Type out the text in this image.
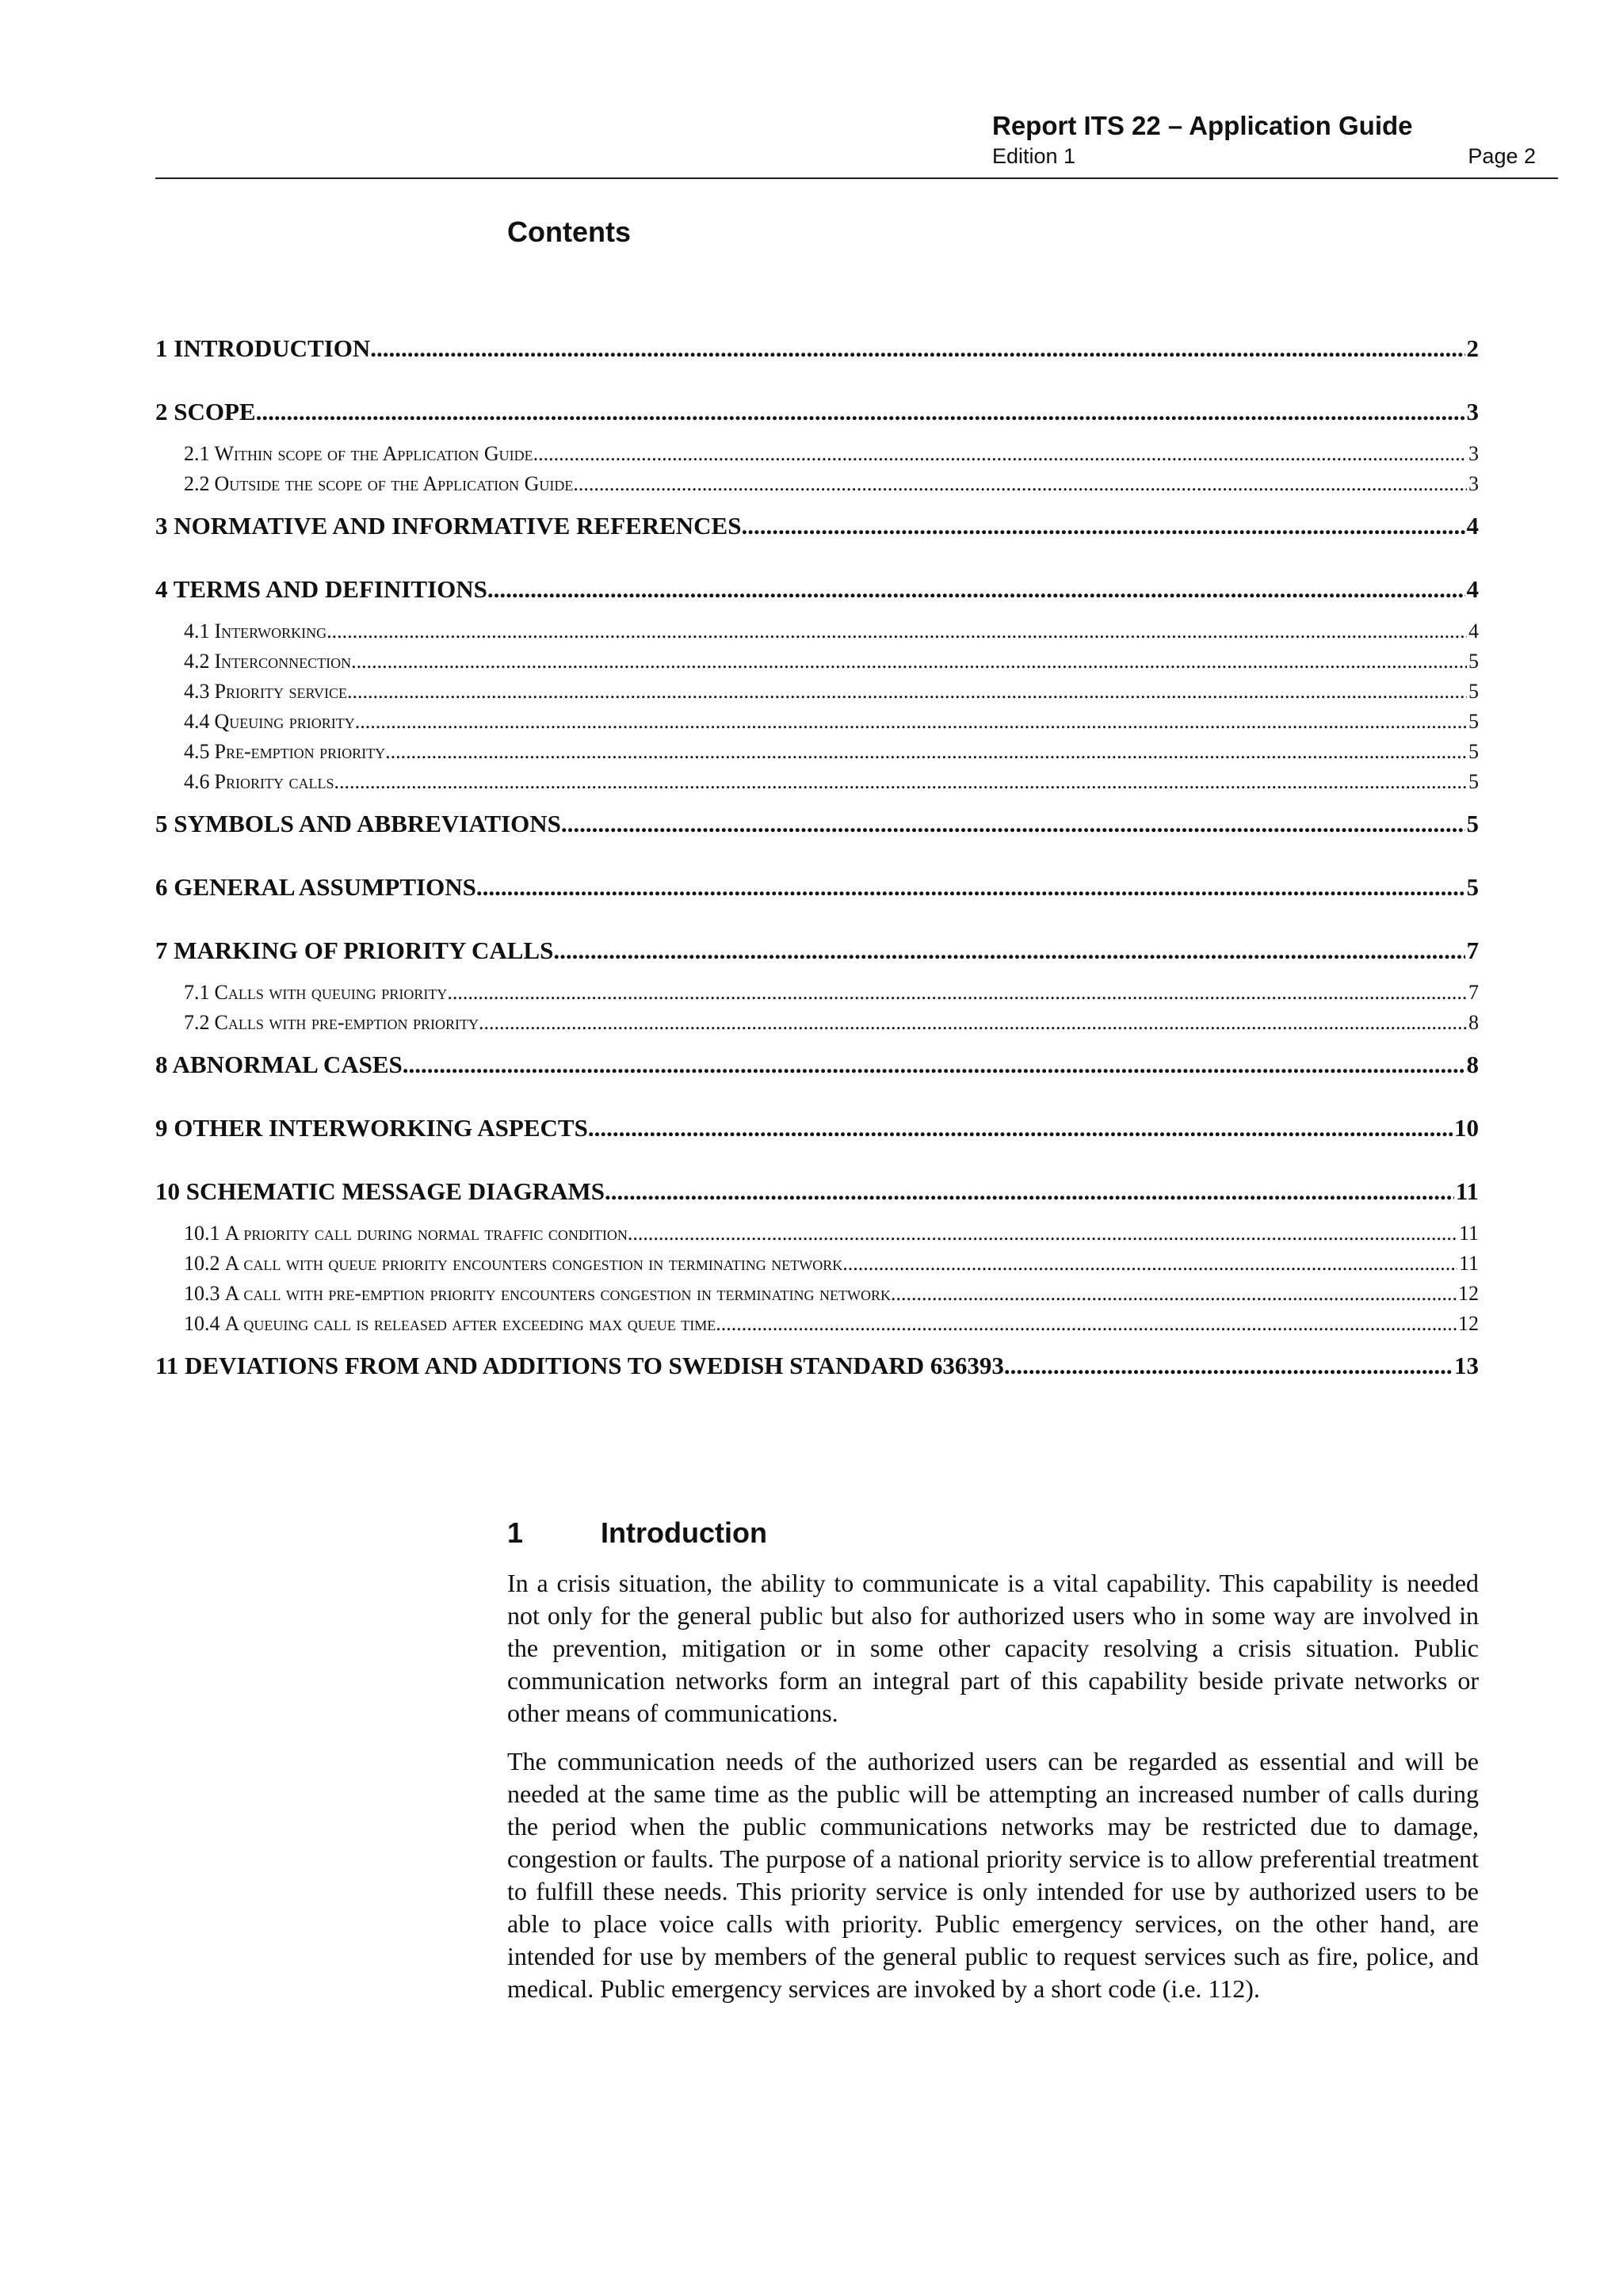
Report ITS 22 – Application Guide
Edition 1	Page 2
Contents
1 INTRODUCTION .....	2
2 SCOPE .....	3
2.1 Within scope of the Application Guide .....	3
2.2 Outside the scope of the Application Guide .....	3
3 NORMATIVE AND INFORMATIVE REFERENCES .....	4
4 TERMS AND DEFINITIONS .....	4
4.1 Interworking .....	4
4.2 Interconnection .....	5
4.3 Priority service .....	5
4.4 Queuing priority .....	5
4.5 Pre-emption priority .....	5
4.6 Priority calls .....	5
5 SYMBOLS AND ABBREVIATIONS .....	5
6 GENERAL ASSUMPTIONS .....	5
7 MARKING OF PRIORITY CALLS .....	7
7.1 Calls with queuing priority .....	7
7.2 Calls with pre-emption priority .....	8
8 ABNORMAL CASES .....	8
9 OTHER INTERWORKING ASPECTS .....	10
10 SCHEMATIC MESSAGE DIAGRAMS .....	11
10.1 A priority call during normal traffic condition .....	11
10.2 A call with queue priority encounters congestion in terminating network .....	11
10.3 A call with pre-emption priority encounters congestion in terminating network .....	12
10.4 A queuing call is released after exceeding max queue time .....	12
11 DEVIATIONS FROM AND ADDITIONS TO SWEDISH STANDARD 636393 .....	13
1	Introduction

In a crisis situation, the ability to communicate is a vital capability. This capability is needed not only for the general public but also for authorized users who in some way are involved in the prevention, mitigation or in some other capacity resolving a crisis situation. Public communication networks form an integral part of this capability beside private networks or other means of communications.

The communication needs of the authorized users can be regarded as essential and will be needed at the same time as the public will be attempting an increased number of calls during the period when the public communications networks may be restricted due to damage, congestion or faults. The purpose of a national priority service is to allow preferential treatment to fulfill these needs. This priority service is only intended for use by authorized users to be able to place voice calls with priority. Public emergency services, on the other hand, are intended for use by members of the general public to request services such as fire, police, and medical. Public emergency services are invoked by a short code (i.e. 112).
